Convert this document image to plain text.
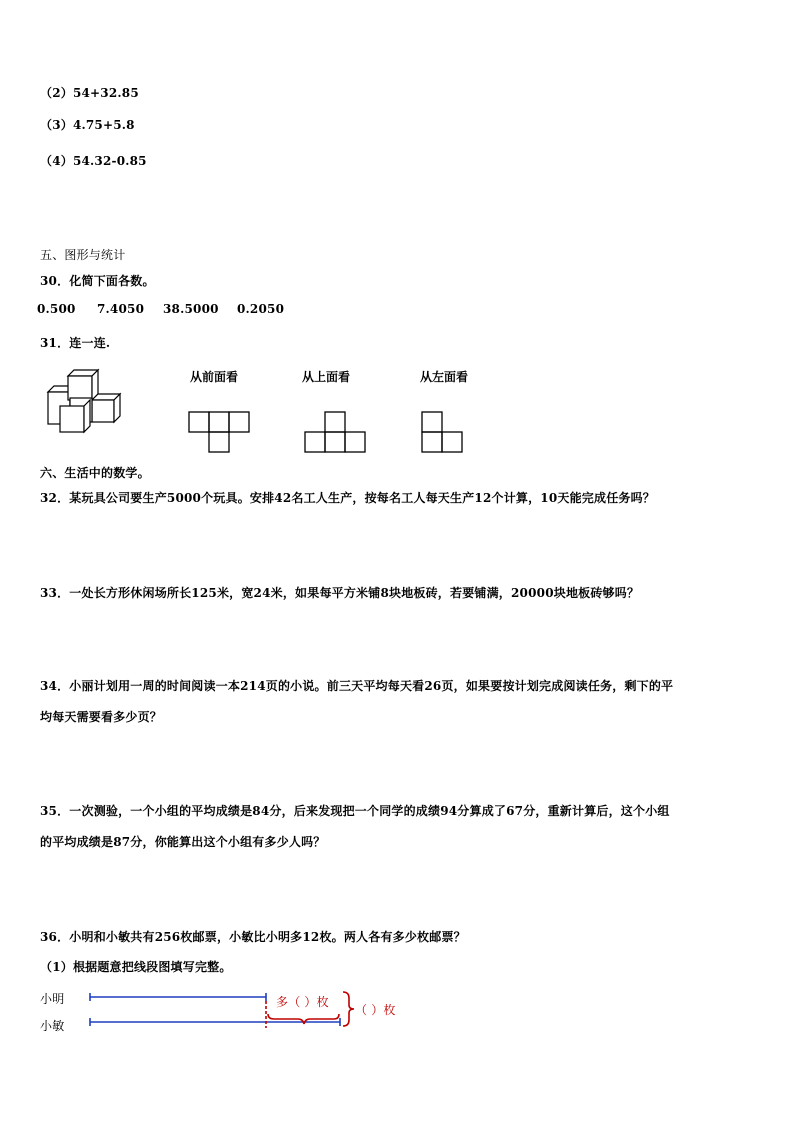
（2）54+32.85
（3）4.75+5.8
（4）54.32-0.85
五、图形与统计
30．化简下面各数。
0.500 7.4050 38.5000 0.2050
31．连一连.
从前面看	从上面看	从左面看
六、生活中的数学。
32．某玩具公司要生产5000个玩具。安排42名工人生产，按每名工人每天生产12个计算，10天能完成任务吗？
33．一处长方形休闲场所长125米，宽24米，如果每平方米铺8块地板砖，若要铺满，20000块地板砖够吗？
34．小丽计划用一周的时间阅读一本214页的小说。前三天平均每天看26页，如果要按计划完成阅读任务，剩下的平
均每天需要看多少页？
35．一次测验，一个小组的平均成绩是84分，后来发现把一个同学的成绩94分算成了67分，重新计算后，这个小组
的平均成绩是87分，你能算出这个小组有多少人吗？
36．小明和小敏共有256枚邮票，小敏比小明多12枚。两人各有多少枚邮票？
（1）根据题意把线段图填写完整。
小明
小敏
多（ ）枚
（ ）枚
